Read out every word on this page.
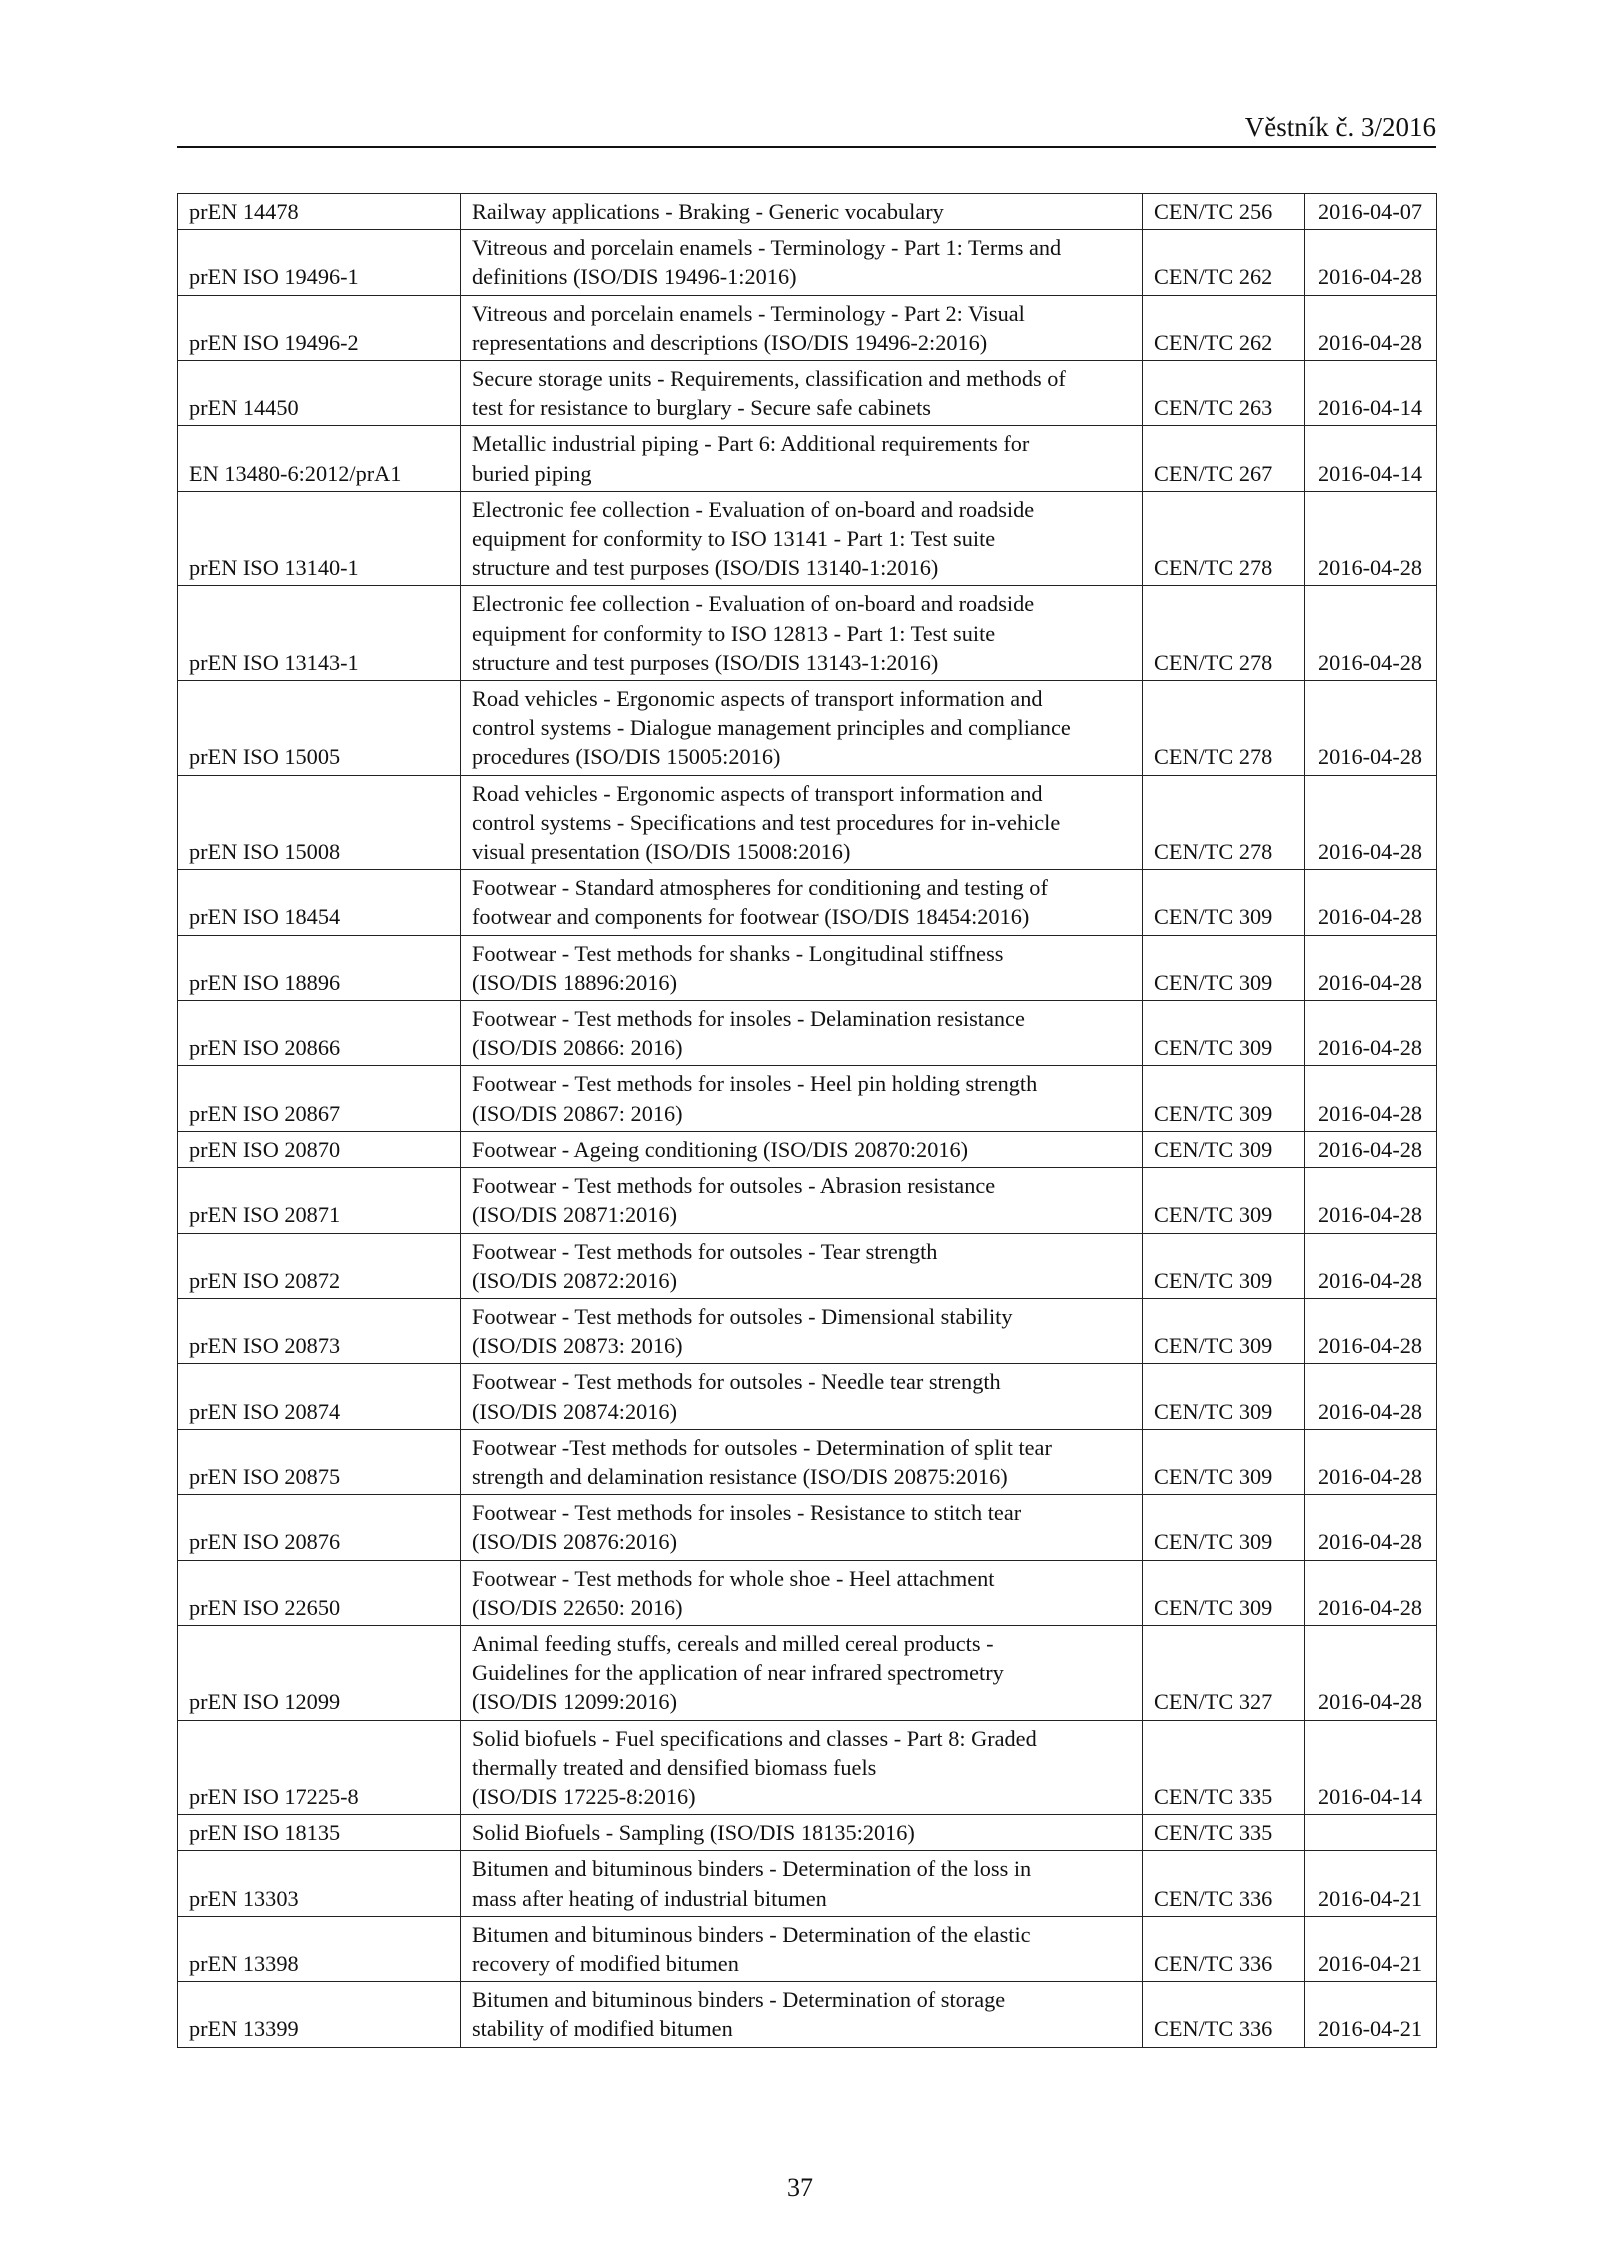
Věstník č. 3/2016
prEN 14478	Railway applications - Braking - Generic vocabulary	CEN/TC 256	2016-04-07
prEN ISO 19496-1	Vitreous and porcelain enamels - Terminology - Part 1: Terms and
definitions (ISO/DIS 19496-1:2016)	CEN/TC 262	2016-04-28
prEN ISO 19496-2	Vitreous and porcelain enamels - Terminology - Part 2: Visual
representations and descriptions (ISO/DIS 19496-2:2016)	CEN/TC 262	2016-04-28
prEN 14450	Secure storage units - Requirements, classification and methods of
test for resistance to burglary - Secure safe cabinets	CEN/TC 263	2016-04-14
EN 13480-6:2012/prA1	Metallic industrial piping - Part 6: Additional requirements for
buried piping	CEN/TC 267	2016-04-14
prEN ISO 13140-1	Electronic fee collection - Evaluation of on-board and roadside
equipment for conformity to ISO 13141 - Part 1: Test suite
structure and test purposes (ISO/DIS 13140-1:2016)	CEN/TC 278	2016-04-28
prEN ISO 13143-1	Electronic fee collection - Evaluation of on-board and roadside
equipment for conformity to ISO 12813 - Part 1: Test suite
structure and test purposes (ISO/DIS 13143-1:2016)	CEN/TC 278	2016-04-28
prEN ISO 15005	Road vehicles - Ergonomic aspects of transport information and
control systems - Dialogue management principles and compliance
procedures (ISO/DIS 15005:2016)	CEN/TC 278	2016-04-28
prEN ISO 15008	Road vehicles - Ergonomic aspects of transport information and
control systems - Specifications and test procedures for in-vehicle
visual presentation (ISO/DIS 15008:2016)	CEN/TC 278	2016-04-28
prEN ISO 18454	Footwear - Standard atmospheres for conditioning and testing of
footwear and components for footwear (ISO/DIS 18454:2016)	CEN/TC 309	2016-04-28
prEN ISO 18896	Footwear - Test methods for shanks - Longitudinal stiffness
(ISO/DIS 18896:2016)	CEN/TC 309	2016-04-28
prEN ISO 20866	Footwear - Test methods for insoles - Delamination resistance
(ISO/DIS 20866: 2016)	CEN/TC 309	2016-04-28
prEN ISO 20867	Footwear - Test methods for insoles - Heel pin holding strength
(ISO/DIS 20867: 2016)	CEN/TC 309	2016-04-28
prEN ISO 20870	Footwear - Ageing conditioning (ISO/DIS 20870:2016)	CEN/TC 309	2016-04-28
prEN ISO 20871	Footwear - Test methods for outsoles - Abrasion resistance
(ISO/DIS 20871:2016)	CEN/TC 309	2016-04-28
prEN ISO 20872	Footwear - Test methods for outsoles - Tear strength
(ISO/DIS 20872:2016)	CEN/TC 309	2016-04-28
prEN ISO 20873	Footwear - Test methods for outsoles - Dimensional stability
(ISO/DIS 20873: 2016)	CEN/TC 309	2016-04-28
prEN ISO 20874	Footwear - Test methods for outsoles - Needle tear strength
(ISO/DIS 20874:2016)	CEN/TC 309	2016-04-28
prEN ISO 20875	Footwear -Test methods for outsoles - Determination of split tear
strength and delamination resistance (ISO/DIS 20875:2016)	CEN/TC 309	2016-04-28
prEN ISO 20876	Footwear - Test methods for insoles - Resistance to stitch tear
(ISO/DIS 20876:2016)	CEN/TC 309	2016-04-28
prEN ISO 22650	Footwear - Test methods for whole shoe - Heel attachment
(ISO/DIS 22650: 2016)	CEN/TC 309	2016-04-28
prEN ISO 12099	Animal feeding stuffs, cereals and milled cereal products -
Guidelines for the application of near infrared spectrometry
(ISO/DIS 12099:2016)	CEN/TC 327	2016-04-28
prEN ISO 17225-8	Solid biofuels - Fuel specifications and classes - Part 8: Graded
thermally treated and densified biomass fuels
(ISO/DIS 17225-8:2016)	CEN/TC 335	2016-04-14
prEN ISO 18135	Solid Biofuels - Sampling (ISO/DIS 18135:2016)	CEN/TC 335	
prEN 13303	Bitumen and bituminous binders - Determination of the loss in
mass after heating of industrial bitumen	CEN/TC 336	2016-04-21
prEN 13398	Bitumen and bituminous binders - Determination of the elastic
recovery of modified bitumen	CEN/TC 336	2016-04-21
prEN 13399	Bitumen and bituminous binders - Determination of storage
stability of modified bitumen	CEN/TC 336	2016-04-21
37
